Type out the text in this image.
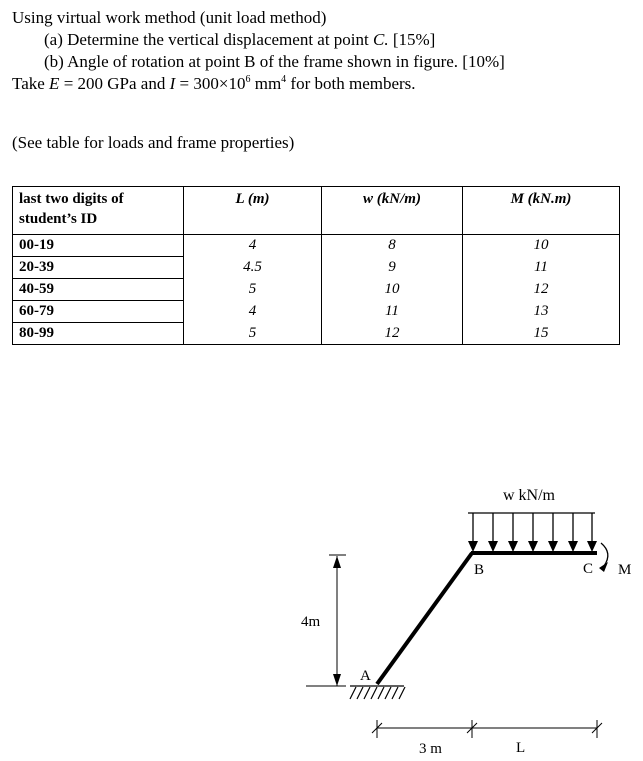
Using virtual work method (unit load method)
(a) Determine the vertical displacement at point C. [15%]
(b) Angle of rotation at point B of the frame shown in figure. [10%]
Take E = 200 GPa and $I = 300\times 10^6$ $mm^4$ for both members.
(See table for loads and frame properties)
last two digits of student’s ID	L (m)	w (kN/m)	M (kN.m)
00-19	4	8	10
20-39	4.5	9	11
40-59	5	10	12
60-79	4	11	13
80-99	5	12	15
w kN/m
B	C
A
M
4m
3 m	L
